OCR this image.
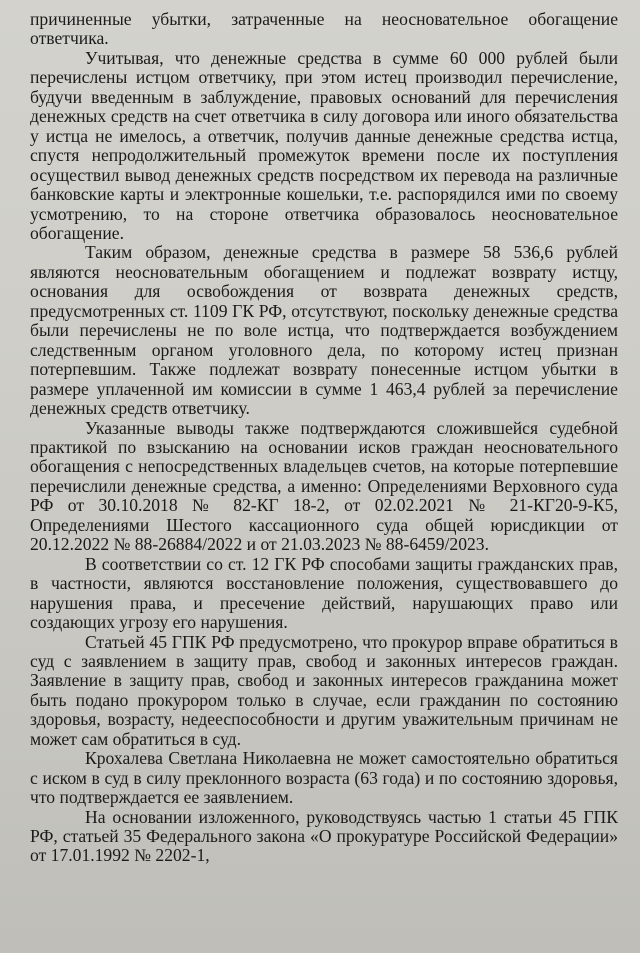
причиненные убытки, затраченные на неосновательное обогащение ответчика.

Учитывая, что денежные средства в сумме 60 000 рублей были перечислены истцом ответчику, при этом истец производил перечисление, будучи введенным в заблуждение, правовых оснований для перечисления денежных средств на счет ответчика в силу договора или иного обязательства у истца не имелось, а ответчик, получив данные денежные средства истца, спустя непродолжительный промежуток времени после их поступления осуществил вывод денежных средств посредством их перевода на различные банковские карты и электронные кошельки, т.е. распорядился ими по своему усмотрению, то на стороне ответчика образовалось неосновательное обогащение.

Таким образом, денежные средства в размере 58 536,6 рублей являются неосновательным обогащением и подлежат возврату истцу, основания для освобождения от возврата денежных средств, предусмотренных ст. 1109 ГК РФ, отсутствуют, поскольку денежные средства были перечислены не по воле истца, что подтверждается возбуждением следственным органом уголовного дела, по которому истец признан потерпевшим. Также подлежат возврату понесенные истцом убытки в размере уплаченной им комиссии в сумме 1 463,4 рублей за перечисление денежных средств ответчику.

Указанные выводы также подтверждаются сложившейся судебной практикой по взысканию на основании исков граждан неосновательного обогащения с непосредственных владельцев счетов, на которые потерпевшие перечислили денежные средства, а именно: Определениями Верховного суда РФ от 30.10.2018 № 82-КГ 18-2, от 02.02.2021 № 21-КГ20-9-К5, Определениями Шестого кассационного суда общей юрисдикции от 20.12.2022 № 88-26884/2022 и от 21.03.2023 № 88-6459/2023.

В соответствии со ст. 12 ГК РФ способами защиты гражданских прав, в частности, являются восстановление положения, существовавшего до нарушения права, и пресечение действий, нарушающих право или создающих угрозу его нарушения.

Статьей 45 ГПК РФ предусмотрено, что прокурор вправе обратиться в суд с заявлением в защиту прав, свобод и законных интересов граждан. Заявление в защиту прав, свобод и законных интересов гражданина может быть подано прокурором только в случае, если гражданин по состоянию здоровья, возрасту, недееспособности и другим уважительным причинам не может сам обратиться в суд.

Крохалева Светлана Николаевна не может самостоятельно обратиться с иском в суд в силу преклонного возраста (63 года) и по состоянию здоровья, что подтверждается ее заявлением.

На основании изложенного, руководствуясь частью 1 статьи 45 ГПК РФ, статьей 35 Федерального закона «О прокуратуре Российской Федерации» от 17.01.1992 № 2202-1,
